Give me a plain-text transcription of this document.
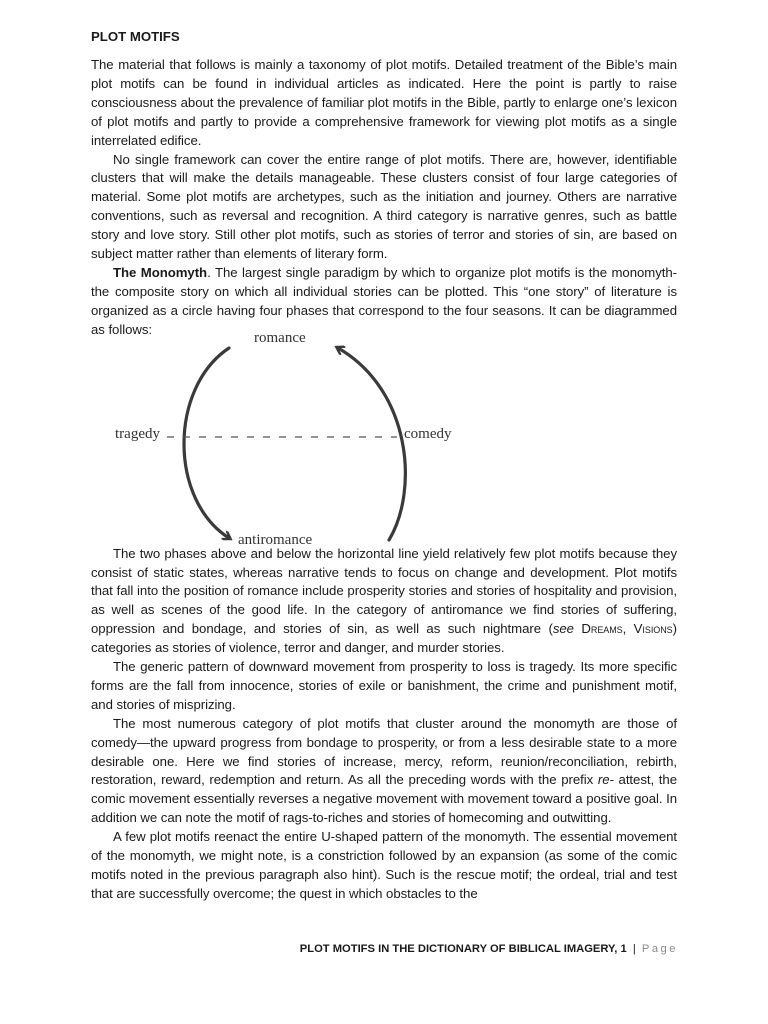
PLOT MOTIFS

The material that follows is mainly a taxonomy of plot motifs. Detailed treatment of the Bible’s main plot motifs can be found in individual articles as indicated. Here the point is partly to raise consciousness about the prevalence of familiar plot motifs in the Bible, partly to enlarge one’s lexicon of plot motifs and partly to provide a comprehensive framework for viewing plot motifs as a single interrelated edifice.

No single framework can cover the entire range of plot motifs. There are, however, identifiable clusters that will make the details manageable. These clusters consist of four large categories of material. Some plot motifs are archetypes, such as the initiation and journey. Others are narrative conventions, such as reversal and recognition. A third category is narrative genres, such as battle story and love story. Still other plot motifs, such as stories of terror and stories of sin, are based on subject matter rather than elements of literary form.

The Monomyth. The largest single paradigm by which to organize plot motifs is the monomyth-the composite story on which all individual stories can be plotted. This “one story” of literature is organized as a circle having four phases that correspond to the four seasons. It can be diagrammed as follows:

romance
tragedy	comedy
antiromance

The two phases above and below the horizontal line yield relatively few plot motifs because they consist of static states, whereas narrative tends to focus on change and development. Plot motifs that fall into the position of romance include prosperity stories and stories of hospitality and provision, as well as scenes of the good life. In the category of antiromance we find stories of suffering, oppression and bondage, and stories of sin, as well as such nightmare (see Dreams, Visions) categories as stories of violence, terror and danger, and murder stories.

The generic pattern of downward movement from prosperity to loss is tragedy. Its more specific forms are the fall from innocence, stories of exile or banishment, the crime and punishment motif, and stories of misprizing.

The most numerous category of plot motifs that cluster around the monomyth are those of comedy—the upward progress from bondage to prosperity, or from a less desirable state to a more desirable one. Here we find stories of increase, mercy, reform, reunion/reconciliation, rebirth, restoration, reward, redemption and return. As all the preceding words with the prefix re- attest, the comic movement essentially reverses a negative movement with movement toward a positive goal. In addition we can note the motif of rags-to-riches and stories of homecoming and outwitting.

A few plot motifs reenact the entire U-shaped pattern of the monomyth. The essential movement of the monomyth, we might note, is a constriction followed by an expansion (as some of the comic motifs noted in the previous paragraph also hint). Such is the rescue motif; the ordeal, trial and test that are successfully overcome; the quest in which obstacles to the

PLOT MOTIFS IN THE DICTIONARY OF BIBLICAL IMAGERY, 1 | Page
